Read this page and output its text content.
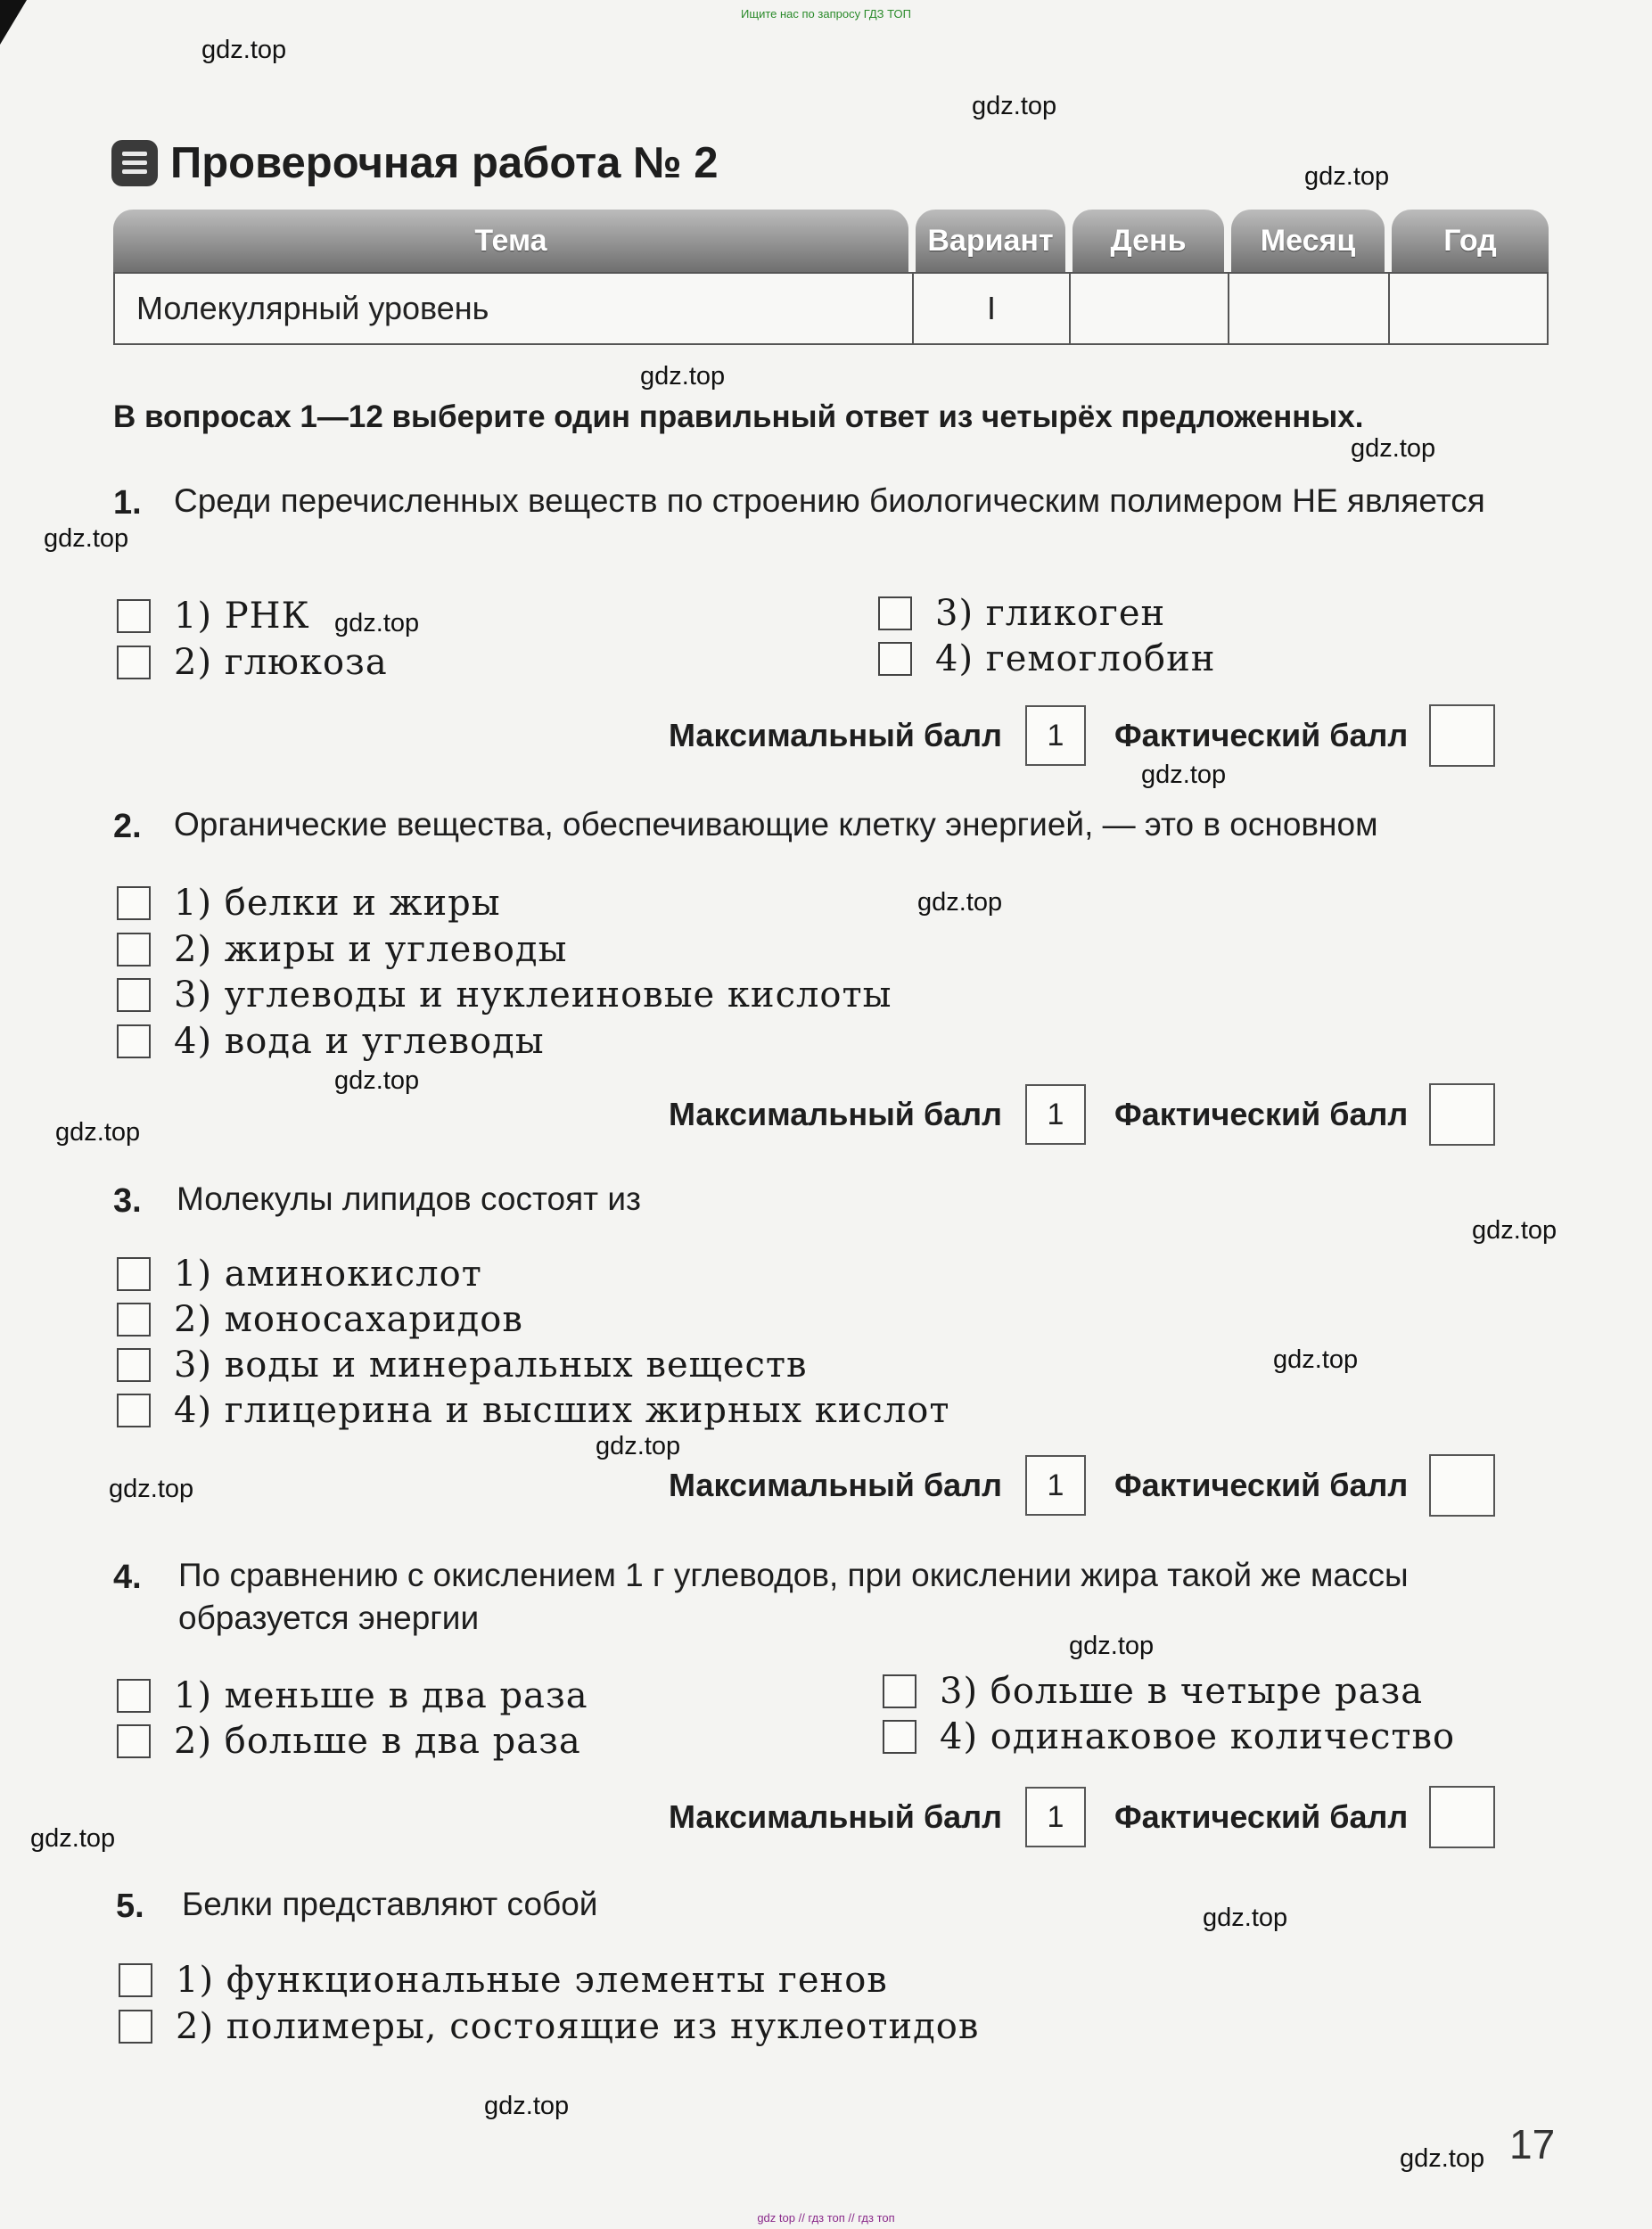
Ищите нас по запросу ГДЗ ТОП
gdz.top
gdz.top
gdz.top
gdz.top
gdz.top
gdz.top
gdz.top
gdz.top
gdz.top
gdz.top
gdz.top
gdz.top
gdz.top
gdz.top
gdz.top
gdz.top
gdz.top
gdz.top
gdz.top
gdz.top
Проверочная работа № 2
Тема	Вариант	День	Месяц	Год
Молекулярный уровень	I
В вопросах 1—12 выберите один правильный ответ из четырёх предложенных.
1. Среди перечисленных веществ по строению биологическим полимером НЕ является
1) РНК
2) глюкоза
3) гликоген
4) гемоглобин
Максимальный балл	1	Фактический балл
2. Органические вещества, обеспечивающие клетку энергией, — это в основном
1) белки и жиры
2) жиры и углеводы
3) углеводы и нуклеиновые кислоты
4) вода и углеводы
Максимальный балл	1	Фактический балл
3. Молекулы липидов состоят из
1) аминокислот
2) моносахаридов
3) воды и минеральных веществ
4) глицерина и высших жирных кислот
Максимальный балл	1	Фактический балл
4. По сравнению с окислением 1 г углеводов, при окислении жира такой же массы образуется энергии
1) меньше в два раза
2) больше в два раза
3) больше в четыре раза
4) одинаковое количество
Максимальный балл	1	Фактический балл
5. Белки представляют собой
1) функциональные элементы генов
2) полимеры, состоящие из нуклеотидов
17
gdz top // гдз топ // гдз топ
